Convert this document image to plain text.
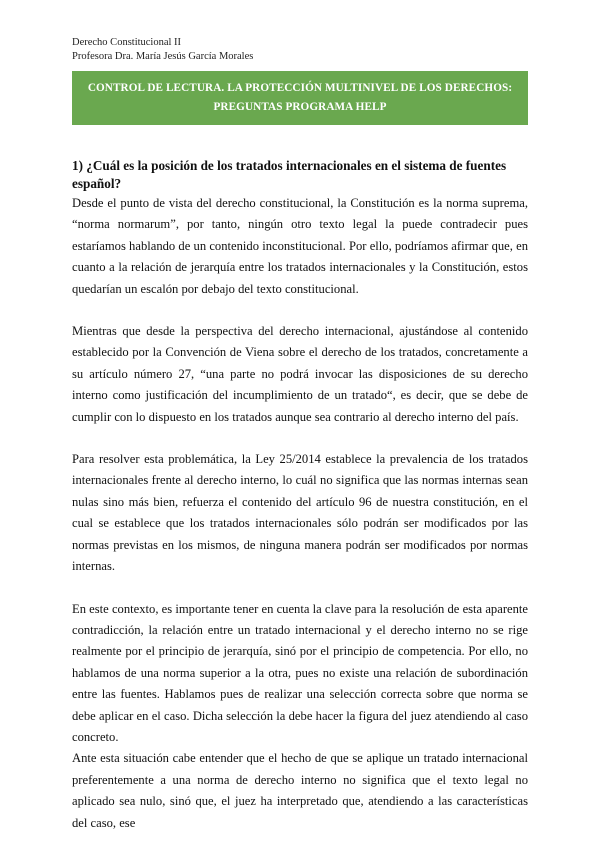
Derecho Constitucional II
Profesora Dra. María Jesús García Morales
CONTROL DE LECTURA. LA PROTECCIÓN MULTINIVEL DE LOS DERECHOS:
PREGUNTAS PROGRAMA HELP
1) ¿Cuál es la posición de los tratados internacionales en el sistema de fuentes español?

Desde el punto de vista del derecho constitucional, la Constitución es la norma suprema, “norma normarum”, por tanto, ningún otro texto legal la puede contradecir pues estaríamos hablando de un contenido inconstitucional. Por ello, podríamos afirmar que, en cuanto a la relación de jerarquía entre los tratados internacionales y la Constitución, estos quedarían un escalón por debajo del texto constitucional.

Mientras que desde la perspectiva del derecho internacional, ajustándose al contenido establecido por la Convención de Viena sobre el derecho de los tratados, concretamente a su artículo número 27, “una parte no podrá invocar las disposiciones de su derecho interno como justificación del incumplimiento de un tratado“, es decir, que se debe de cumplir con lo dispuesto en los tratados aunque sea contrario al derecho interno del país.

Para resolver esta problemática, la Ley 25/2014 establece la prevalencia de los tratados internacionales frente al derecho interno, lo cuál no significa que las normas internas sean nulas sino más bien, refuerza el contenido del artículo 96 de nuestra constitución, en el cual se establece que los tratados internacionales sólo podrán ser modificados por las normas previstas en los mismos, de ninguna manera podrán ser modificados por normas internas.

En este contexto, es importante tener en cuenta la clave para la resolución de esta aparente contradicción, la relación entre un tratado internacional y el derecho interno no se rige realmente por el principio de jerarquía, sinó por el principio de competencia. Por ello, no hablamos de una norma superior a la otra, pues no existe una relación de subordinación entre las fuentes. Hablamos pues de realizar una selección correcta sobre que norma se debe aplicar en el caso. Dicha selección la debe hacer la figura del juez atendiendo al caso concreto.

Ante esta situación cabe entender que el hecho de que se aplique un tratado internacional preferentemente a una norma de derecho interno no significa que el texto legal no aplicado sea nulo, sinó que, el juez ha interpretado que, atendiendo a las características del caso, ese
